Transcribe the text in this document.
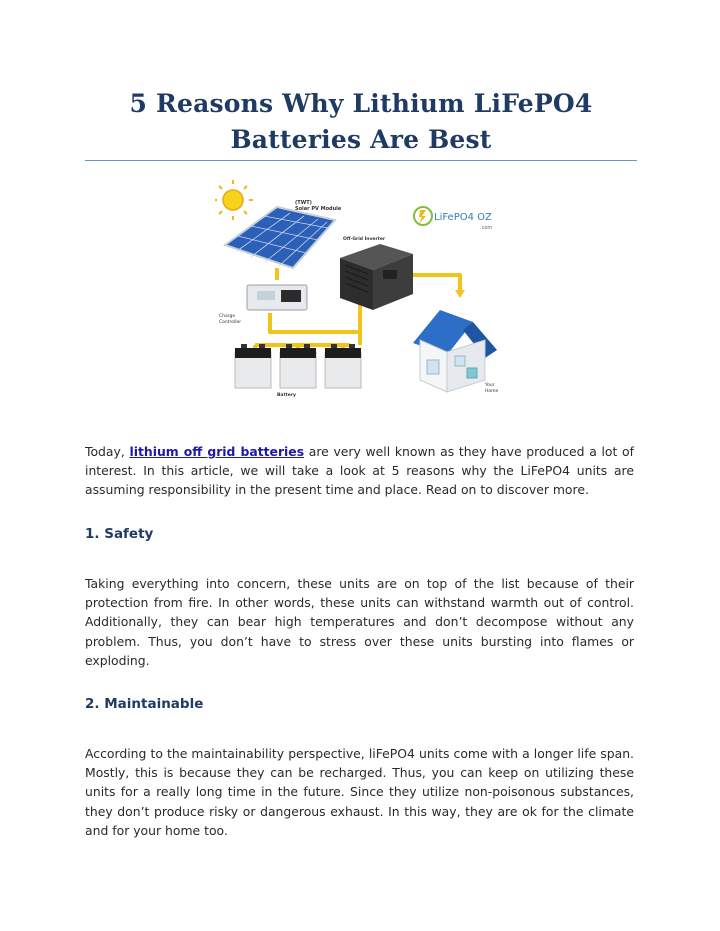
5 Reasons Why Lithium LiFePO4
Batteries Are Best
(TWT)
Solar PV Module
LiFePO4 OZ
.com
Off-Grid Inverter
Charge
Controller
Battery
Your
Home

Today, lithium off grid batteries are very well known as they have produced a lot of interest. In this article, we will take a look at 5 reasons why the LiFePO4 units are assuming responsibility in the present time and place. Read on to discover more.

1. Safety

Taking everything into concern, these units are on top of the list because of their protection from fire. In other words, these units can withstand warmth out of control. Additionally, they can bear high temperatures and don’t decompose without any problem. Thus, you don’t have to stress over these units bursting into flames or exploding.

2. Maintainable

According to the maintainability perspective, liFePO4 units come with a longer life span. Mostly, this is because they can be recharged. Thus, you can keep on utilizing these units for a really long time in the future. Since they utilize non-poisonous substances, they don’t produce risky or dangerous exhaust. In this way, they are ok for the climate and for your home too.
